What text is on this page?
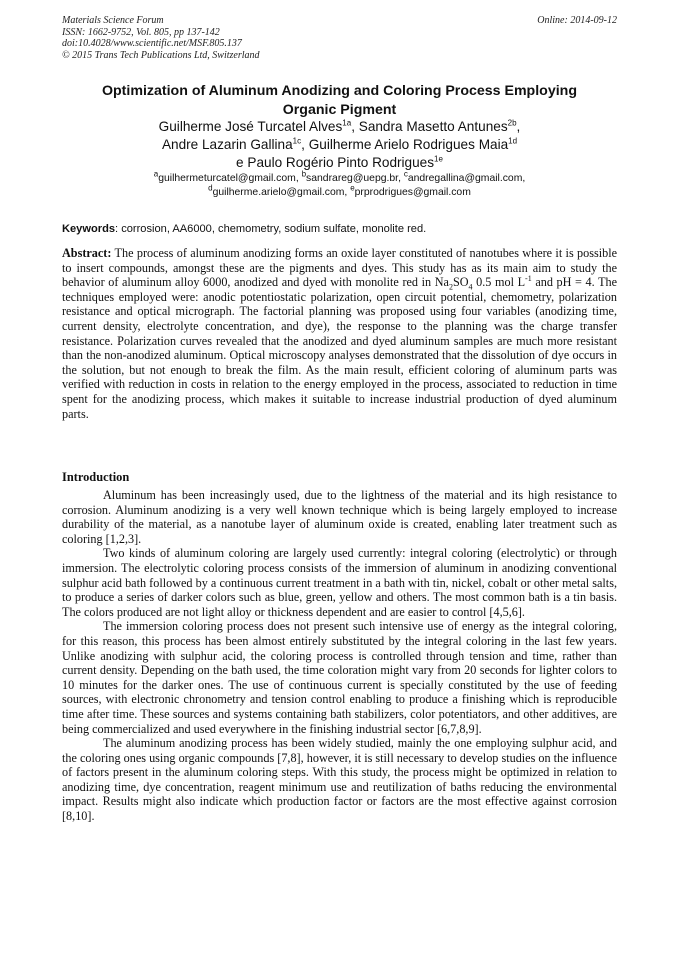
Materials Science Forum
ISSN: 1662-9752, Vol. 805, pp 137-142
doi:10.4028/www.scientific.net/MSF.805.137
© 2015 Trans Tech Publications Ltd, Switzerland
Online: 2014-09-12
Optimization of Aluminum Anodizing and Coloring Process Employing
Organic Pigment
Guilherme José Turcatel Alves$^{1a}$, Sandra Masetto Antunes$^{2b}$,
Andre Lazarin Gallina$^{1c}$, Guilherme Arielo Rodrigues Maia$^{1d}$
e Paulo Rogério Pinto Rodrigues$^{1e}$
$^a$guilhermeturcatel@gmail.com, $^b$sandrareg@uepg.br, $^c$andregallina@gmail.com,
$^d$guilherme.arielo@gmail.com, $^e$prprodrigues@gmail.com
Keywords: corrosion, AA6000, chemometry, sodium sulfate, monolite red.
Abstract: The process of aluminum anodizing forms an oxide layer constituted of nanotubes where it is possible to insert compounds, amongst these are the pigments and dyes. This study has as its main aim to study the behavior of aluminum alloy 6000, anodized and dyed with monolite red in $Na_2SO_4$ 0.5 mol $L^{-1}$ and pH = 4. The techniques employed were: anodic potentiostatic polarization, open circuit potential, chemometry, polarization resistance and optical micrograph. The factorial planning was proposed using four variables (anodizing time, current density, electrolyte concentration, and dye), the response to the planning was the charge transfer resistance. Polarization curves revealed that the anodized and dyed aluminum samples are much more resistant than the non-anodized aluminum. Optical microscopy analyses demonstrated that the dissolution of dye occurs in the solution, but not enough to break the film. As the main result, efficient coloring of aluminum parts was verified with reduction in costs in relation to the energy employed in the process, associated to reduction in time spent for the anodizing process, which makes it suitable to increase industrial production of dyed aluminum parts.
Introduction

Aluminum has been increasingly used, due to the lightness of the material and its high resistance to corrosion. Aluminum anodizing is a very well known technique which is being largely employed to increase durability of the material, as a nanotube layer of aluminum oxide is created, enabling later treatment such as coloring [1,2,3].

Two kinds of aluminum coloring are largely used currently: integral coloring (electrolytic) or through immersion. The electrolytic coloring process consists of the immersion of aluminum in anodizing conventional sulphur acid bath followed by a continuous current treatment in a bath with tin, nickel, cobalt or other metal salts, to produce a series of darker colors such as blue, green, yellow and others. The most common bath is a tin basis. The colors produced are not light alloy or thickness dependent and are easier to control [4,5,6].

The immersion coloring process does not present such intensive use of energy as the integral coloring, for this reason, this process has been almost entirely substituted by the integral coloring in the last few years. Unlike anodizing with sulphur acid, the coloring process is controlled through tension and time, rather than current density. Depending on the bath used, the time coloration might vary from 20 seconds for lighter colors to 10 minutes for the darker ones. The use of continuous current is specially constituted by the use of feeding sources, with electronic chronometry and tension control enabling to produce a finishing which is reproducible time after time. These sources and systems containing bath stabilizers, color potentiators, and other additives, are being commercialized and used everywhere in the finishing industrial sector [6,7,8,9].

The aluminum anodizing process has been widely studied, mainly the one employing sulphur acid, and the coloring ones using organic compounds [7,8], however, it is still necessary to develop studies on the influence of factors present in the aluminum coloring steps. With this study, the process might be optimized in relation to anodizing time, dye concentration, reagent minimum use and reutilization of baths reducing the environmental impact. Results might also indicate which production factor or factors are the most effective against corrosion [8,10].
